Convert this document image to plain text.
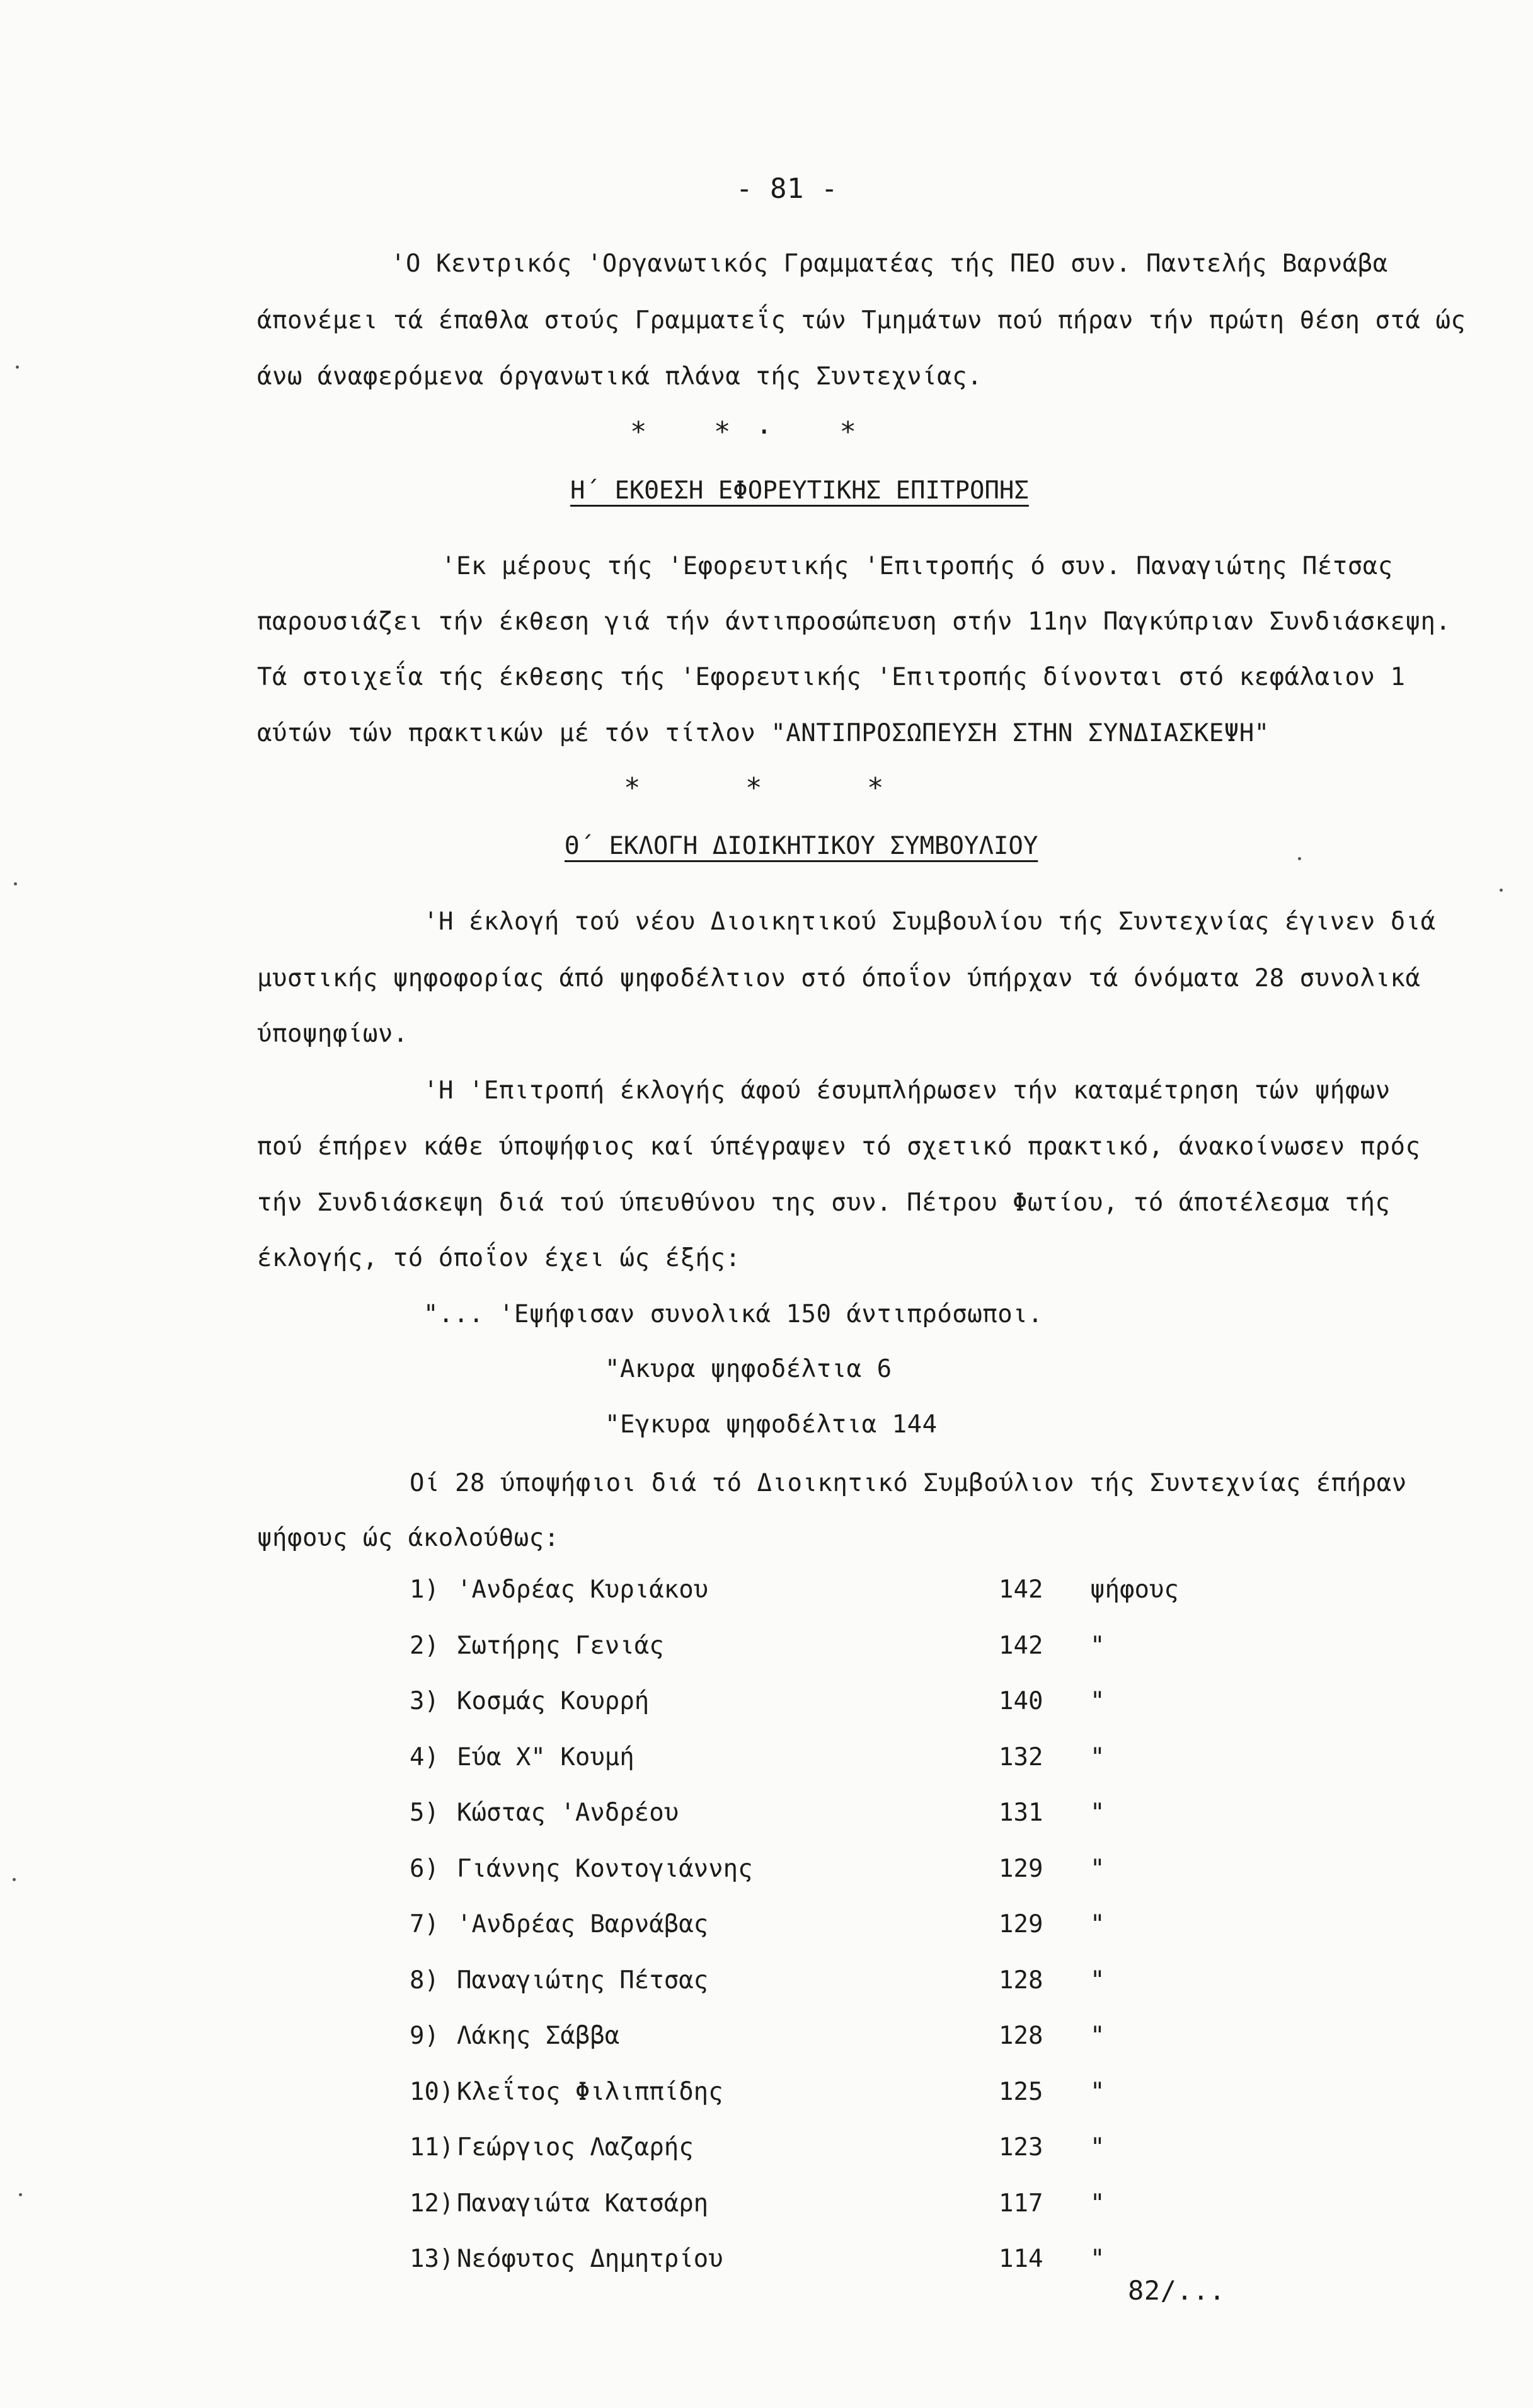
- 81 -
'Ο Κεντρικός 'Οργανωτικός Γραμματέας τής ΠΕΟ συν. Παντελής Βαρνάβα
άπονέμει τά έπαθλα στούς Γραμματεΐς τών Τμημάτων πού πήραν τήν πρώτη θέση στά ώς
άνω άναφερόμενα όργανωτικά πλάνα τής Συντεχνίας.
* *· *
Η΄ ΕΚΘΕΣΗ ΕΦΟΡΕΥΤΙΚΗΣ ΕΠΙΤΡΟΠΗΣ
'Εκ μέρους τής 'Εφορευτικής 'Επιτροπής ό συν. Παναγιώτης Πέτσας
παρουσιάζει τήν έκθεση γιά τήν άντιπροσώπευση στήν 11ην Παγκύπριαν Συνδιάσκεψη.
Τά στοιχεΐα τής έκθεσης τής 'Εφορευτικής 'Επιτροπής δίνονται στό κεφάλαιον 1
αύτών τών πρακτικών μέ τόν τίτλον "ΑΝΤΙΠΡΟΣΩΠΕΥΣΗ ΣΤΗΝ ΣΥΝΔΙΑΣΚΕΨΗ"
* * *
Θ΄ ΕΚΛΟΓΗ ΔΙΟΙΚΗΤΙΚΟΥ ΣΥΜΒΟΥΛΙΟΥ
'Η έκλογή τού νέου Διοικητικού Συμβουλίου τής Συντεχνίας έγινεν διά
μυστικής ψηφοφορίας άπό ψηφοδέλτιον στό όποΐον ύπήρχαν τά όνόματα 28 συνολικά
ύποψηφίων.
'Η 'Επιτροπή έκλογής άφού έσυμπλήρωσεν τήν καταμέτρηση τών ψήφων
πού έπήρεν κάθε ύποψήφιος καί ύπέγραψεν τό σχετικό πρακτικό, άνακοίνωσεν πρός
τήν Συνδιάσκεψη διά τού ύπευθύνου της συν. Πέτρου Φωτίου, τό άποτέλεσμα τής
έκλογής, τό όποΐον έχει ώς έξής:
"... 'Εψήφισαν συνολικά 150 άντιπρόσωποι.
"Ακυρα ψηφοδέλτια 6
"Εγκυρα ψηφοδέλτια 144
Οί 28 ύποψήφιοι διά τό Διοικητικό Συμβούλιον τής Συντεχνίας έπήραν
ψήφους ώς άκολούθως:
1) 'Ανδρέας Κυριάκου	142 ψήφους
2) Σωτήρης Γενιάς	142 "
3) Κοσμάς Κουρρή	140 "
4) Εύα Χ" Κουμή	132 "
5) Κώστας 'Ανδρέου	131 "
6) Γιάννης Κοντογιάννης	129 "
7) 'Ανδρέας Βαρνάβας	129 "
8) Παναγιώτης Πέτσας	128 "
9) Λάκης Σάββα	128 "
10) Κλεΐτος Φιλιππίδης	125 "
11) Γεώργιος Λαζαρής	123 "
12) Παναγιώτα Κατσάρη	117 "
13) Νεόφυτος Δημητρίου	114 "
82/...
